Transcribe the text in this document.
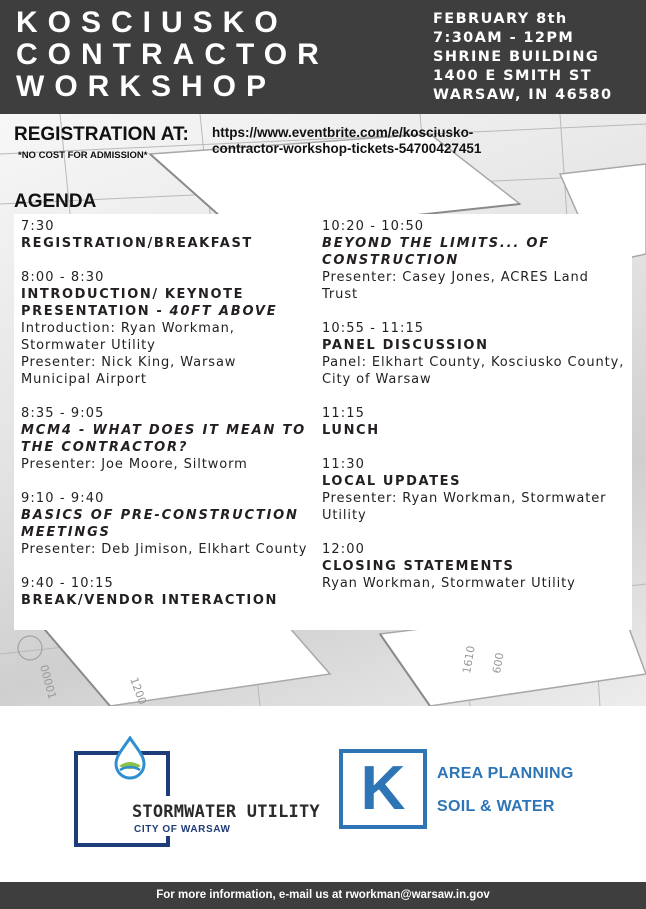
KOSCIUSKO
CONTRACTOR
WORKSHOP
FEBRUARY 8th
7:30AM - 12PM
SHRINE BUILDING
1400 E SMITH ST
WARSAW, IN 46580
00001	1200
1610 600
REGISTRATION AT:
*NO COST FOR ADMISSION*
https://www.eventbrite.com/e/kosciusko-contractor-workshop-tickets-54700427451
AGENDA
7:30
REGISTRATION/BREAKFAST
8:00 - 8:30
INTRODUCTION/ KEYNOTE PRESENTATION - 40FT ABOVE
Introduction: Ryan Workman, Stormwater Utility
Presenter: Nick King, Warsaw Municipal Airport
8:35 - 9:05
MCM4 - WHAT DOES IT MEAN TO THE CONTRACTOR?
Presenter: Joe Moore, Siltworm
9:10 - 9:40
BASICS OF PRE-CONSTRUCTION MEETINGS
Presenter: Deb Jimison, Elkhart County
9:40 - 10:15
BREAK/VENDOR INTERACTION
10:20 - 10:50
BEYOND THE LIMITS... OF CONSTRUCTION
Presenter: Casey Jones, ACRES Land Trust
10:55 - 11:15
PANEL DISCUSSION
Panel: Elkhart County, Kosciusko County, City of Warsaw
11:15
LUNCH
11:30
LOCAL UPDATES
Presenter: Ryan Workman, Stormwater Utility
12:00
CLOSING STATEMENTS
Ryan Workman, Stormwater Utility
STORMWATER UTILITY
CITY OF WARSAW
K	AREA PLANNING
SOIL & WATER
For more information, e-mail us at rworkman@warsaw.in.gov
